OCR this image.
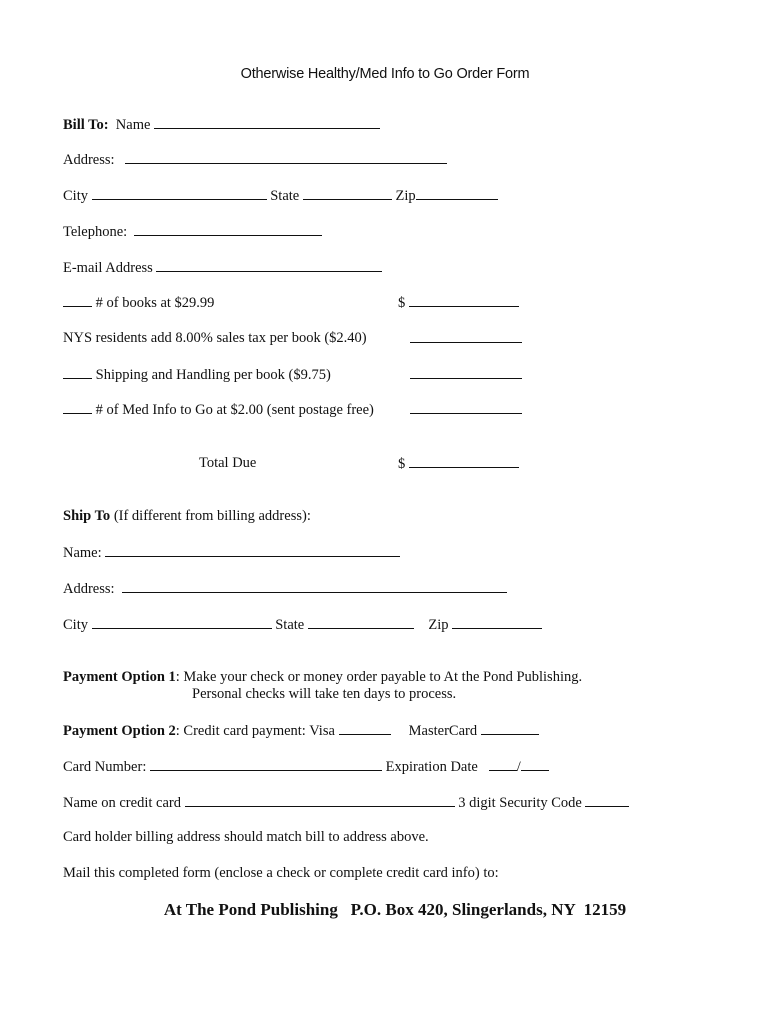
Otherwise Healthy/Med Info to Go Order Form
Bill To: Name
Address:
City	State	Zip
Telephone:
E-mail Address
# of books at $29.99	$
NYS residents add 8.00% sales tax per book ($2.40)
Shipping and Handling per book ($9.75)
# of Med Info to Go at $2.00 (sent postage free)
Total Due	$
Ship To (If different from billing address):
Name:
Address:
City	State	Zip
Payment Option 1: Make your check or money order payable to At the Pond Publishing.
Personal checks will take ten days to process.
Payment Option 2: Credit card payment: Visa	MasterCard
Card Number:	Expiration Date	/
Name on credit card	3 digit Security Code
Card holder billing address should match bill to address above.
Mail this completed form (enclose a check or complete credit card info) to:
At The Pond Publishing   P.O. Box 420, Slingerlands, NY  12159
